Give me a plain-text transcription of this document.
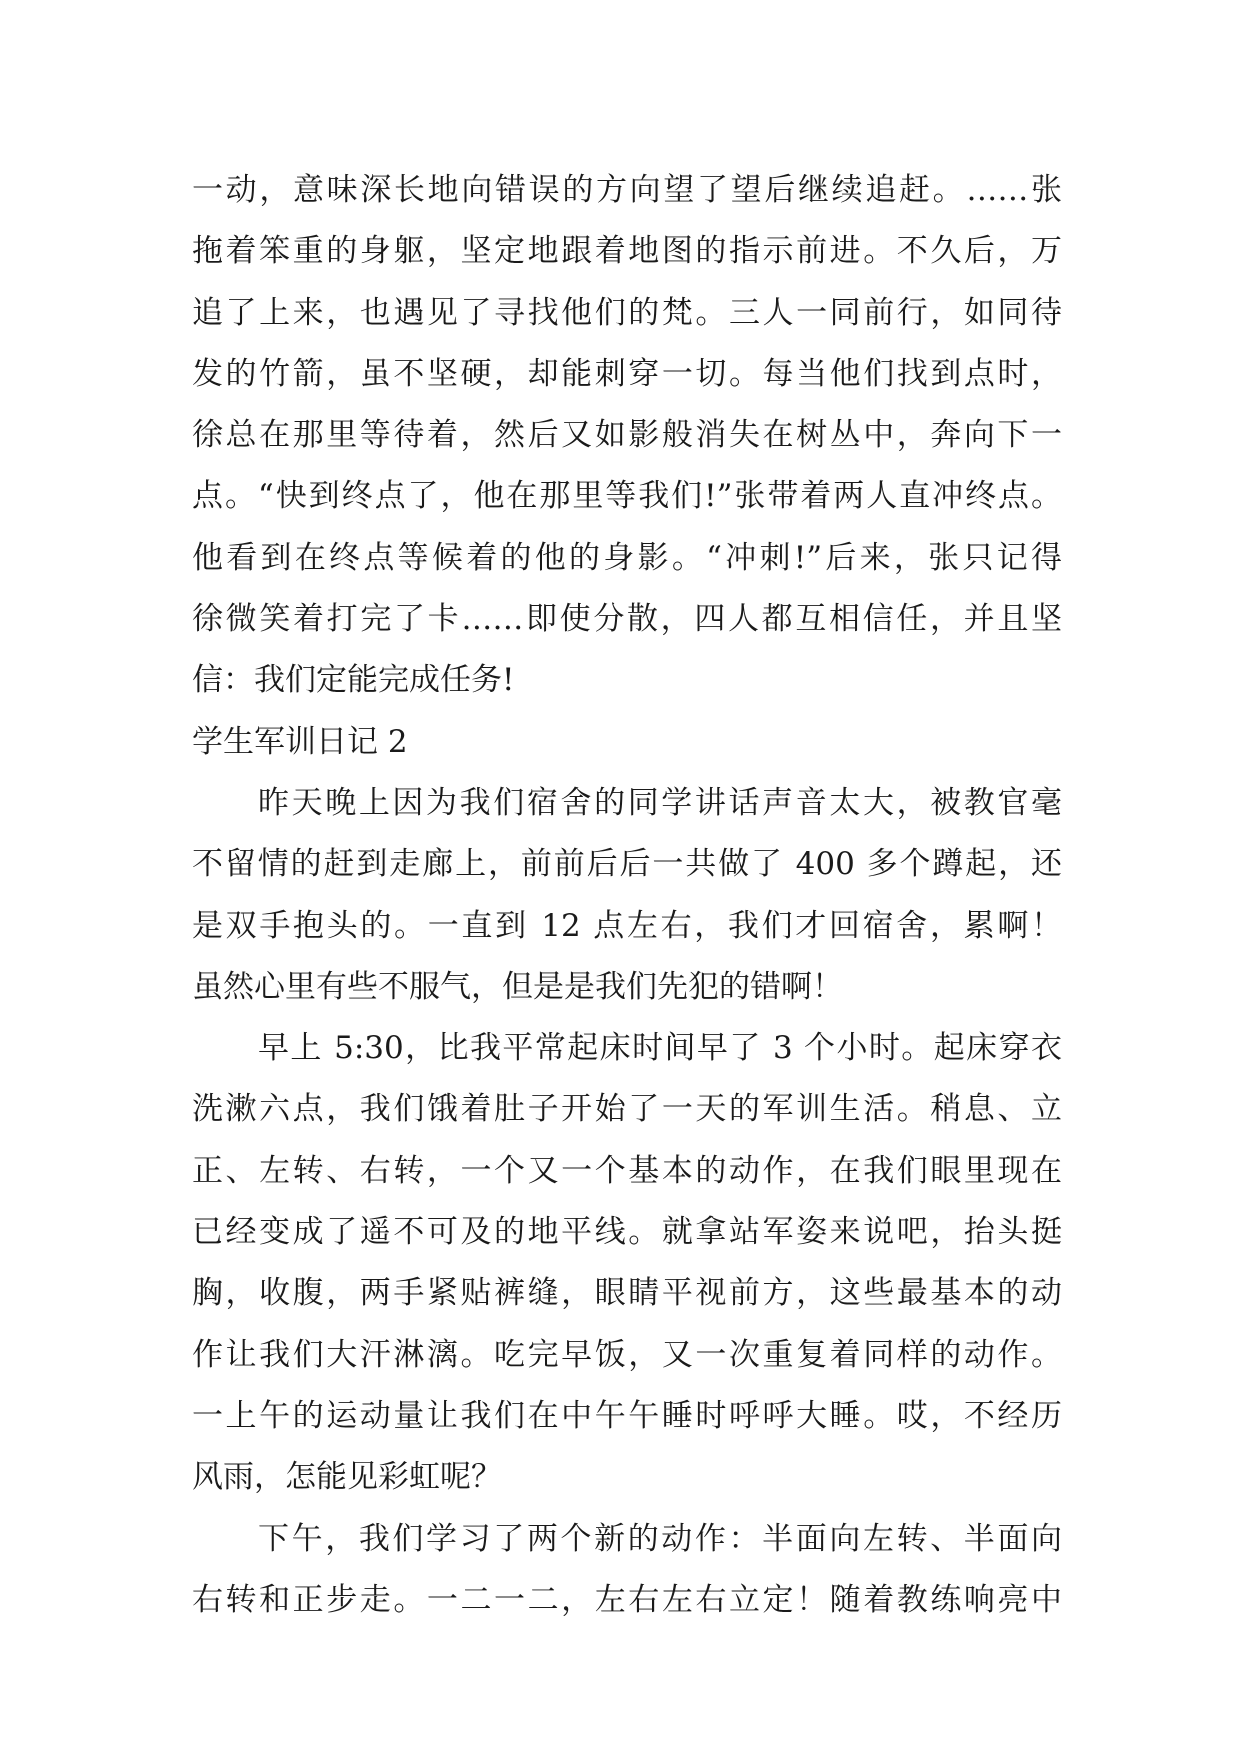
一动，意味深长地向错误的方向望了望后继续追赶。……张
拖着笨重的身躯，坚定地跟着地图的指示前进。不久后，万
追了上来，也遇见了寻找他们的梵。三人一同前行，如同待
发的竹箭，虽不坚硬，却能刺穿一切。每当他们找到点时，
徐总在那里等待着，然后又如影般消失在树丛中，奔向下一
点。“快到终点了，他在那里等我们!”张带着两人直冲终点。
他看到在终点等候着的他的身影。“冲刺!”后来，张只记得
徐微笑着打完了卡……即使分散，四人都互相信任，并且坚
信：我们定能完成任务!
学生军训日记 2
昨天晚上因为我们宿舍的同学讲话声音太大，被教官毫
不留情的赶到走廊上，前前后后一共做了 400 多个蹲起，还
是双手抱头的。一直到 12 点左右，我们才回宿舍，累啊！
虽然心里有些不服气，但是是我们先犯的错啊！
早上 5:30，比我平常起床时间早了 3 个小时。起床穿衣
洗漱六点，我们饿着肚子开始了一天的军训生活。稍息、立
正、左转、右转，一个又一个基本的动作，在我们眼里现在
已经变成了遥不可及的地平线。就拿站军姿来说吧，抬头挺
胸，收腹，两手紧贴裤缝，眼睛平视前方，这些最基本的动
作让我们大汗淋漓。吃完早饭，又一次重复着同样的动作。
一上午的运动量让我们在中午午睡时呼呼大睡。哎，不经历
风雨，怎能见彩虹呢？
下午，我们学习了两个新的动作：半面向左转、半面向
右转和正步走。一二一二，左右左右立定！随着教练响亮中
